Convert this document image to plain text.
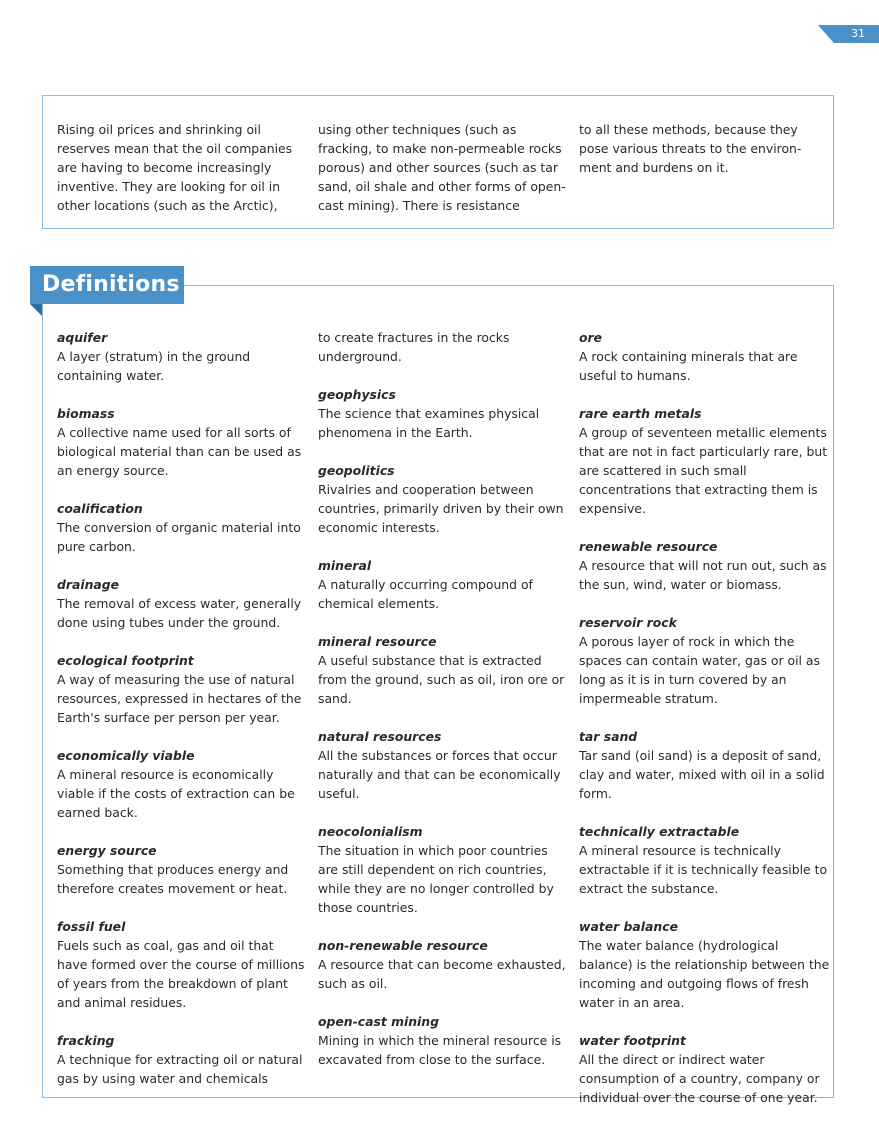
31

Rising oil prices and shrinking oil reserves mean that the oil companies are having to become increasingly inventive. They are looking for oil in other locations (such as the Arctic),

using other techniques (such as fracking, to make non-permeable rocks porous) and other sources (such as tar sand, oil shale and other forms of open-cast mining). There is resistance

to all these methods, because they pose various threats to the environ-ment and burdens on it.

aquifer

A layer (stratum) in the ground containing water.

biomass

A collective name used for all sorts of biological material than can be used as an energy source.

coalification

The conversion of organic material into pure carbon.

drainage

The removal of excess water, generally done using tubes under the ground.

ecological footprint

A way of measuring the use of natural resources, expressed in hectares of the Earth's surface per person per year.

economically viable

A mineral resource is economically viable if the costs of extraction can be earned back.

energy source

Something that produces energy and therefore creates movement or heat.

fossil fuel

Fuels such as coal, gas and oil that have formed over the course of millions of years from the breakdown of plant and animal residues.

fracking

A technique for extracting oil or natural gas by using water and chemicals

to create fractures in the rocks underground.

geophysics

The science that examines physical phenomena in the Earth.

geopolitics

Rivalries and cooperation between countries, primarily driven by their own economic interests.

mineral

A naturally occurring compound of chemical elements.

mineral resource

A useful substance that is extracted from the ground, such as oil, iron ore or sand.

natural resources

All the substances or forces that occur naturally and that can be economically useful.

neocolonialism

The situation in which poor countries are still dependent on rich countries, while they are no longer controlled by those countries.

non-renewable resource

A resource that can become exhausted, such as oil.

open-cast mining

Mining in which the mineral resource is excavated from close to the surface.

ore

A rock containing minerals that are useful to humans.

rare earth metals

A group of seventeen metallic elements that are not in fact particularly rare, but are scattered in such small concentrations that extracting them is expensive.

renewable resource

A resource that will not run out, such as the sun, wind, water or biomass.

reservoir rock

A porous layer of rock in which the spaces can contain water, gas or oil as long as it is in turn covered by an impermeable stratum.

tar sand

Tar sand (oil sand) is a deposit of sand, clay and water, mixed with oil in a solid form.

technically extractable

A mineral resource is technically extractable if it is technically feasible to extract the substance.

water balance

The water balance (hydrological balance) is the relationship between the incoming and outgoing flows of fresh water in an area.

water footprint

All the direct or indirect water consumption of a country, company or individual over the course of one year.

Definitions
